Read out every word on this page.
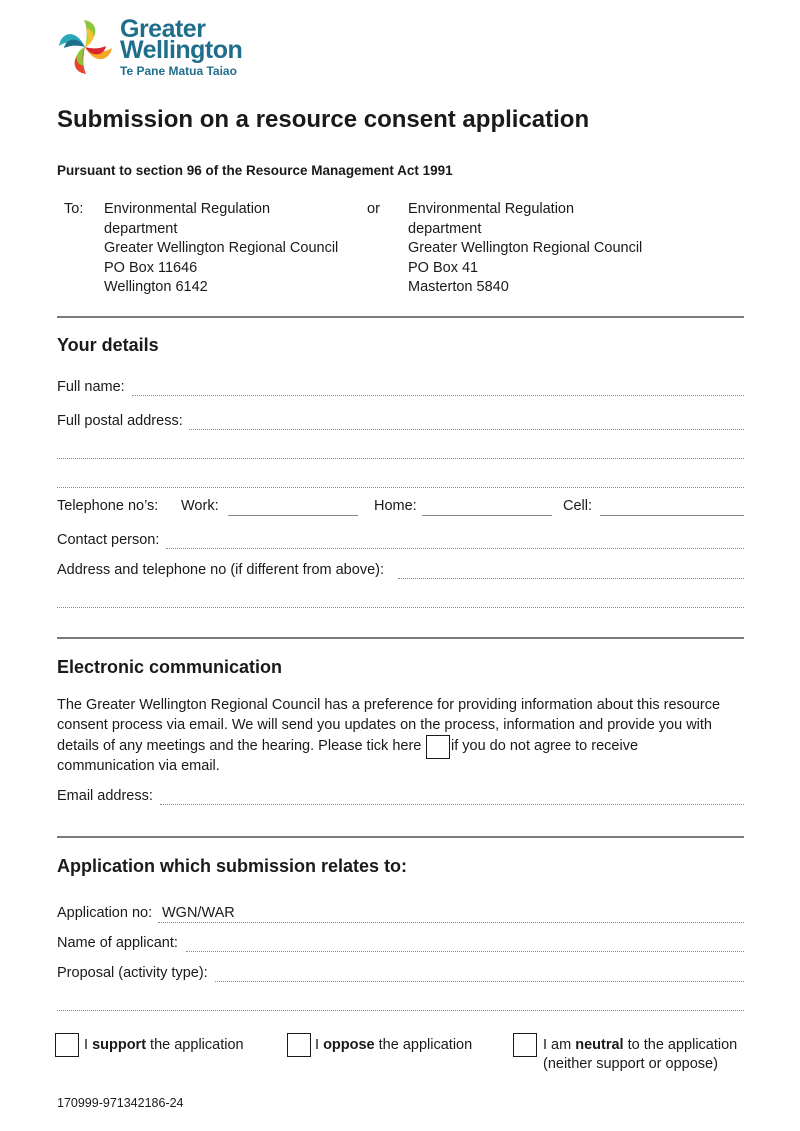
Greater
Wellington
Te Pane Matua Taiao
Submission on a resource consent application
Pursuant to section 96 of the Resource Management Act 1991
To: Environmental Regulation
department
Greater Wellington Regional Council
PO Box 11646
Wellington 6142
or Environmental Regulation
department
Greater Wellington Regional Council
PO Box 41
Masterton 5840
Your details
Full name:
Full postal address:
Telephone no’s: Work:	Home:	Cell:
Contact person:
Address and telephone no (if different from above):
Electronic communication
The Greater Wellington Regional Council has a preference for providing information about this resource
consent process via email. We will send you updates on the process, information and provide you with
details of any meetings and the hearing. Please tick here if you do not agree to receive
communication via email.
Email address:
Application which submission relates to:
Application no: WGN/WAR
Name of applicant:
Proposal (activity type):
I support the application	I oppose the application	I am neutral to the application
(neither support or oppose)
170999-971342186-24
